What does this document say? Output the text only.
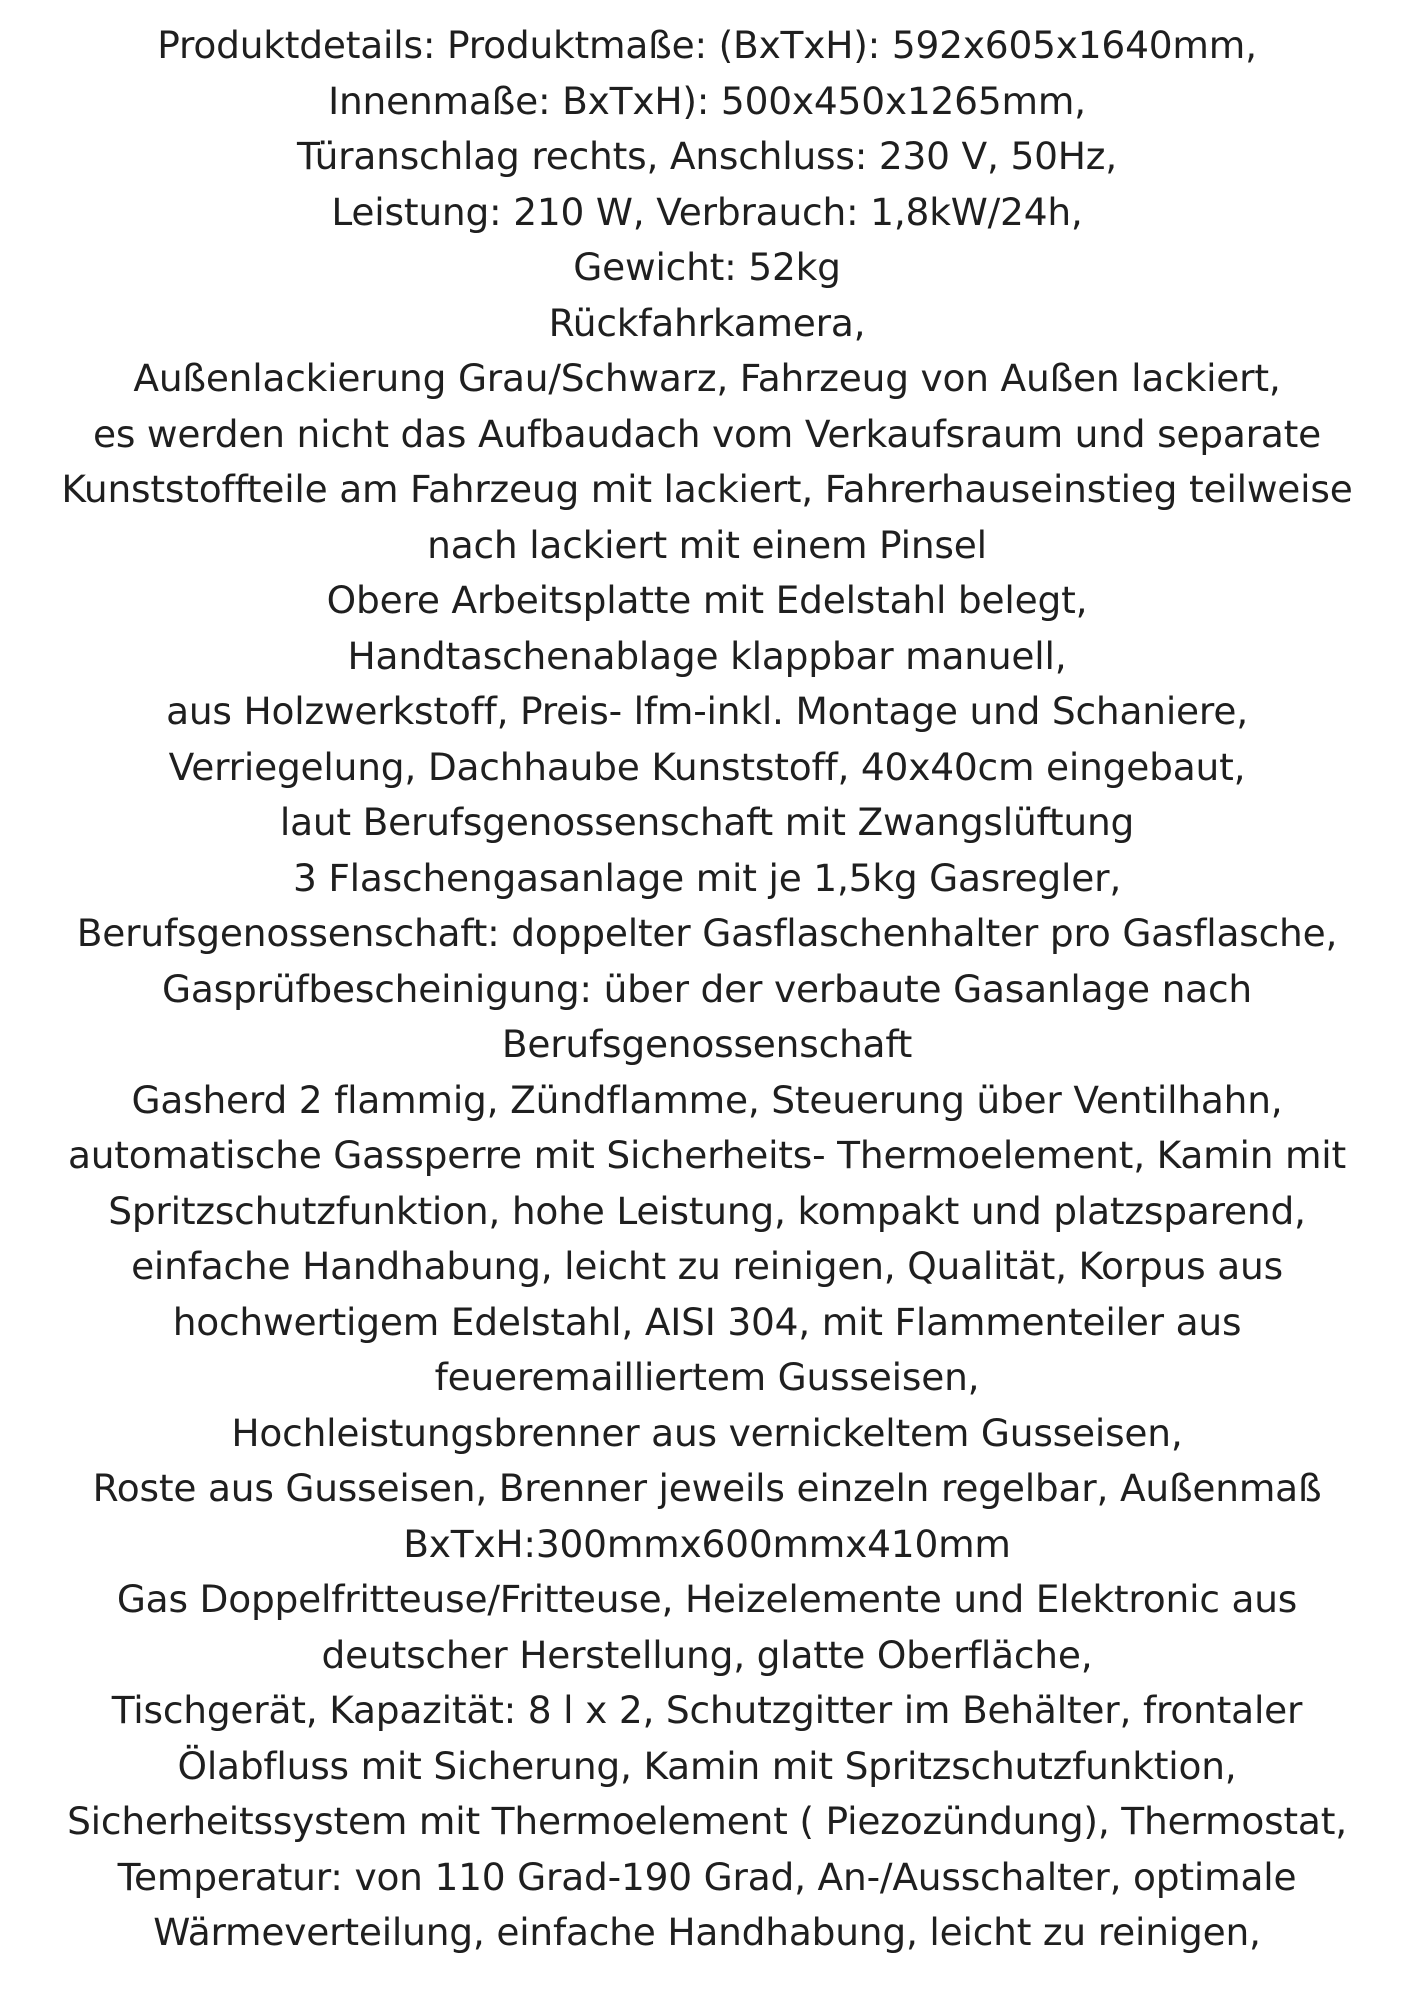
Produktdetails: Produktmaße: (BxTxH): 592x605x1640mm,
Innenmaße: BxTxH): 500x450x1265mm,
Türanschlag rechts, Anschluss: 230 V, 50Hz,
Leistung: 210 W, Verbrauch: 1,8kW/24h,
Gewicht: 52kg
Rückfahrkamera,
Außenlackierung Grau/Schwarz, Fahrzeug von Außen lackiert,
es werden nicht das Aufbaudach vom Verkaufsraum und separate
Kunststoffteile am Fahrzeug mit lackiert, Fahrerhauseinstieg teilweise
nach lackiert mit einem Pinsel
Obere Arbeitsplatte mit Edelstahl belegt,
Handtaschenablage klappbar manuell,
aus Holzwerkstoff, Preis- lfm-inkl. Montage und Schaniere,
Verriegelung, Dachhaube Kunststoff, 40x40cm eingebaut,
laut Berufsgenossenschaft mit Zwangslüftung
3 Flaschengasanlage mit je 1,5kg Gasregler,
Berufsgenossenschaft: doppelter Gasflaschenhalter pro Gasflasche,
Gasprüfbescheinigung: über der verbaute Gasanlage nach
Berufsgenossenschaft
Gasherd 2 flammig, Zündflamme, Steuerung über Ventilhahn,
automatische Gassperre mit Sicherheits- Thermoelement, Kamin mit
Spritzschutzfunktion, hohe Leistung, kompakt und platzsparend,
einfache Handhabung, leicht zu reinigen, Qualität, Korpus aus
hochwertigem Edelstahl, AISI 304, mit Flammenteiler aus
feueremailliertem Gusseisen,
Hochleistungsbrenner aus vernickeltem Gusseisen,
Roste aus Gusseisen, Brenner jeweils einzeln regelbar, Außenmaß
BxTxH:300mmx600mmx410mm
Gas Doppelfritteuse/Fritteuse, Heizelemente und Elektronic aus
deutscher Herstellung, glatte Oberfläche,
Tischgerät, Kapazität: 8 l x 2, Schutzgitter im Behälter, frontaler
Ölabfluss mit Sicherung, Kamin mit Spritzschutzfunktion,
Sicherheitssystem mit Thermoelement ( Piezozündung), Thermostat,
Temperatur: von 110 Grad-190 Grad, An-/Ausschalter, optimale
Wärmeverteilung, einfache Handhabung, leicht zu reinigen,
